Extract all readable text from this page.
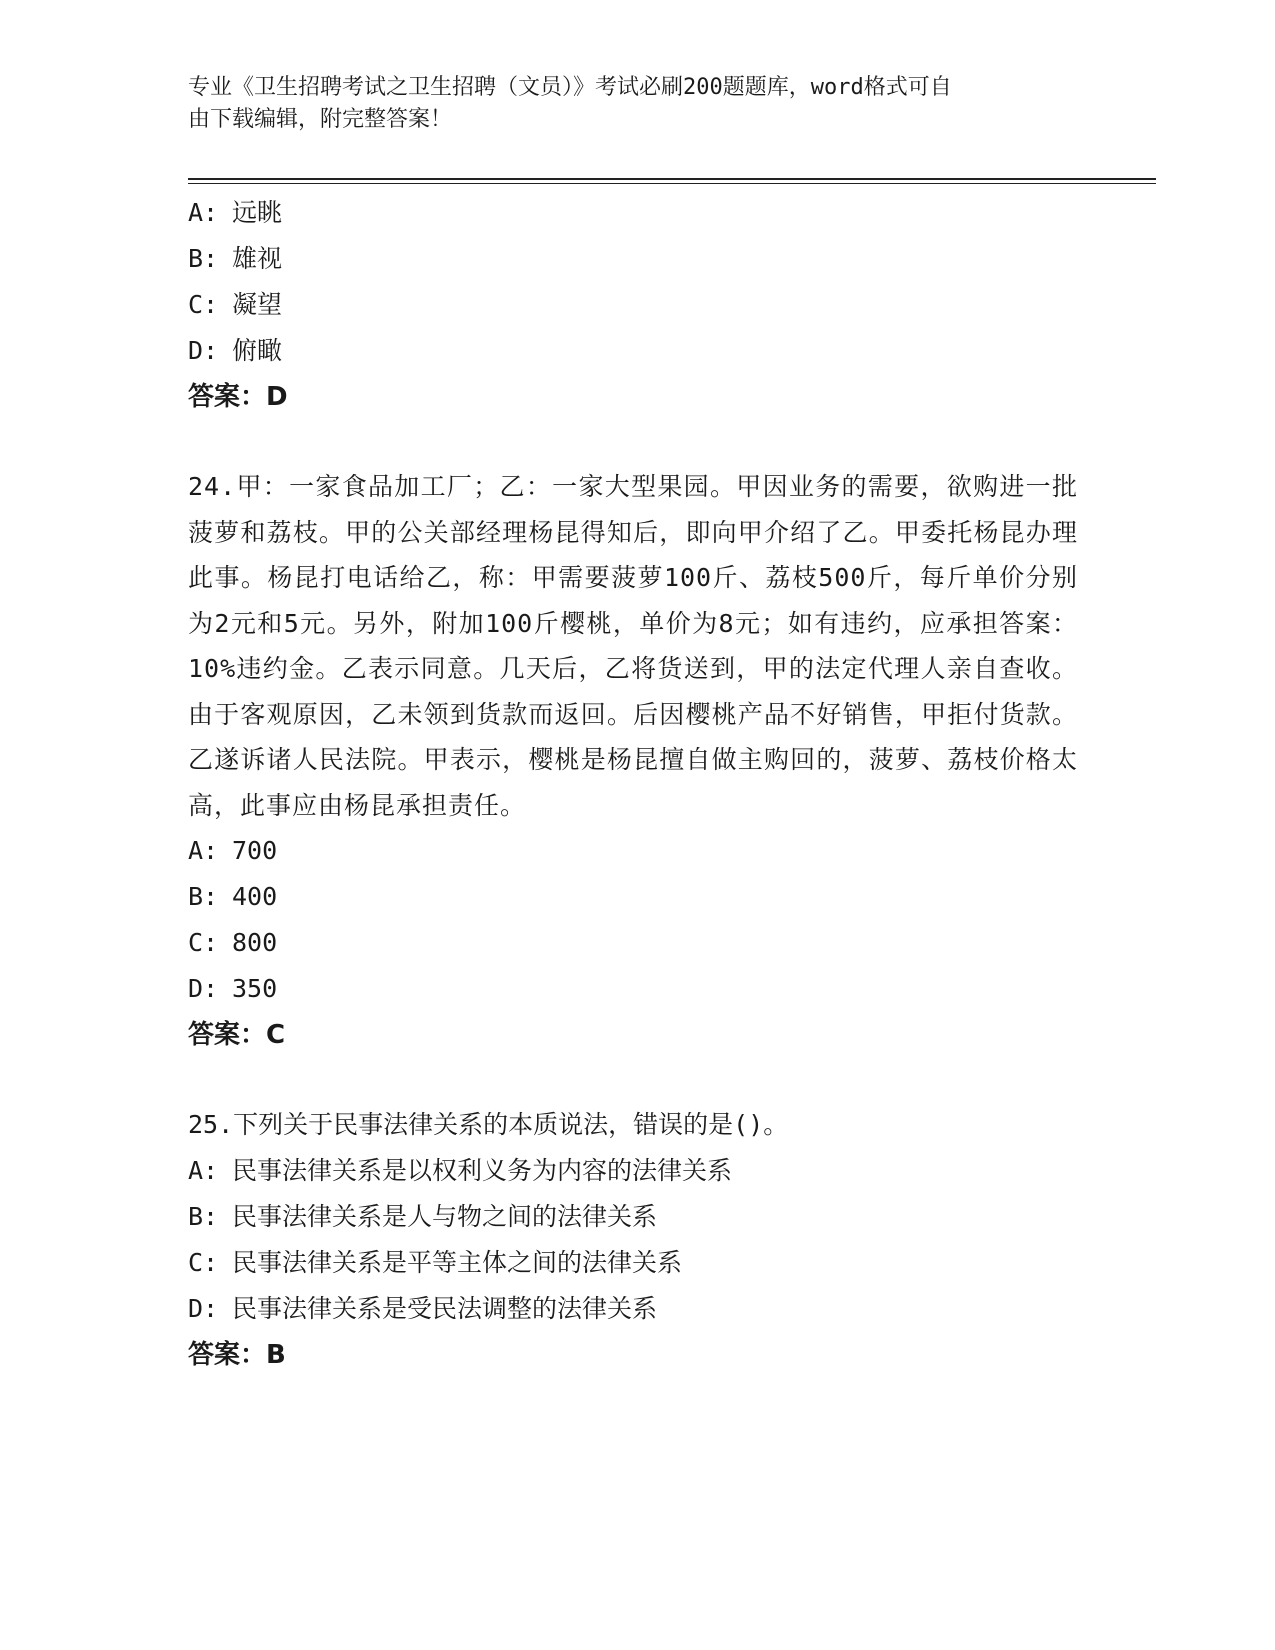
专业《卫生招聘考试之卫生招聘（文员）》考试必刷200题题库，word格式可自
由下载编辑，附完整答案！
A: 远眺
B: 雄视
C: 凝望
D: 俯瞰
答案：D
24.甲：一家食品加工厂；乙：一家大型果园。甲因业务的需要，欲购进一批菠萝和荔枝。甲的公关部经理杨昆得知后，即向甲介绍了乙。甲委托杨昆办理此事。杨昆打电话给乙，称：甲需要菠萝100斤、荔枝500斤，每斤单价分别为2元和5元。另外，附加100斤樱桃，单价为8元；如有违约，应承担答案：10%违约金。乙表示同意。几天后，乙将货送到，甲的法定代理人亲自查收。由于客观原因，乙未领到货款而返回。后因樱桃产品不好销售，甲拒付货款。乙遂诉诸人民法院。甲表示，樱桃是杨昆擅自做主购回的，菠萝、荔枝价格太高，此事应由杨昆承担责任。
A: 700
B: 400
C: 800
D: 350
答案：C
25.下列关于民事法律关系的本质说法，错误的是()。
A: 民事法律关系是以权利义务为内容的法律关系
B: 民事法律关系是人与物之间的法律关系
C: 民事法律关系是平等主体之间的法律关系
D: 民事法律关系是受民法调整的法律关系
答案：B
